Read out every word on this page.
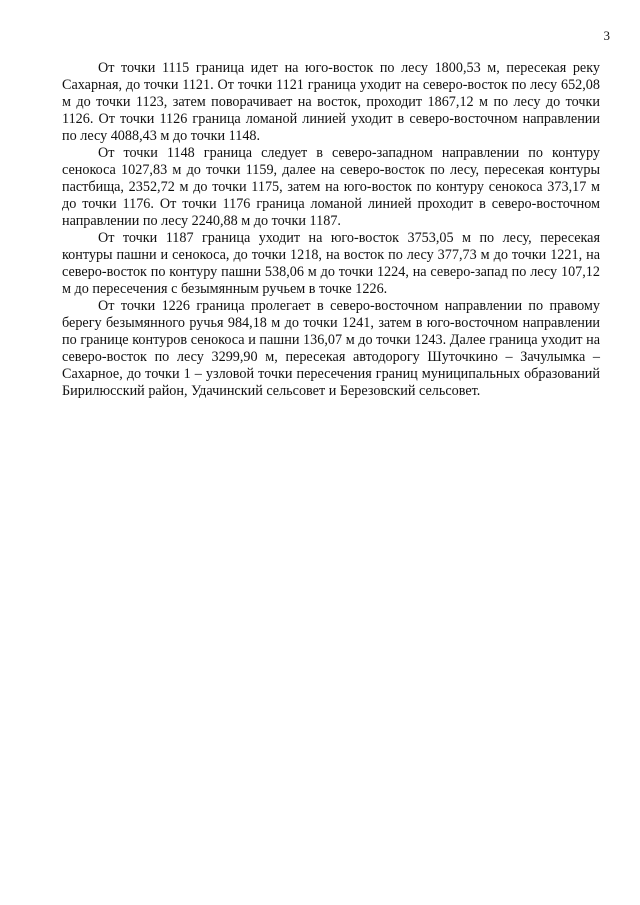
3

От точки 1115 граница идет на юго-восток по лесу 1800,53 м, пересекая реку Сахарная, до точки 1121. От точки 1121 граница уходит на северо-восток по лесу 652,08 м до точки 1123, затем поворачивает на восток, проходит 1867,12 м по лесу до точки 1126. От точки 1126 граница ломаной линией уходит в северо-восточном направлении по лесу 4088,43 м до точки 1148.

От точки 1148 граница следует в северо-западном направлении по контуру сенокоса 1027,83 м до точки 1159, далее на северо-восток по лесу, пересекая контуры пастбища, 2352,72 м до точки 1175, затем на юго-восток по контуру сенокоса 373,17 м до точки 1176. От точки 1176 граница ломаной линией проходит в северо-восточном направлении по лесу 2240,88 м до точки 1187.

От точки 1187 граница уходит на юго-восток 3753,05 м по лесу, пересекая контуры пашни и сенокоса, до точки 1218, на восток по лесу 377,73 м до точки 1221, на северо-восток по контуру пашни 538,06 м до точки 1224, на северо-запад по лесу 107,12 м до пересечения с безымянным ручьем в точке 1226.

От точки 1226 граница пролегает в северо-восточном направлении по правому берегу безымянного ручья 984,18 м до точки 1241, затем в юго-восточном направлении по границе контуров сенокоса и пашни 136,07 м до точки 1243. Далее граница уходит на северо-восток по лесу 3299,90 м, пересекая автодорогу Шуточкино – Зачулымка – Сахарное, до точки 1 – узловой точки пересечения границ муниципальных образований Бирилюсский район, Удачинский сельсовет и Березовский сельсовет.
